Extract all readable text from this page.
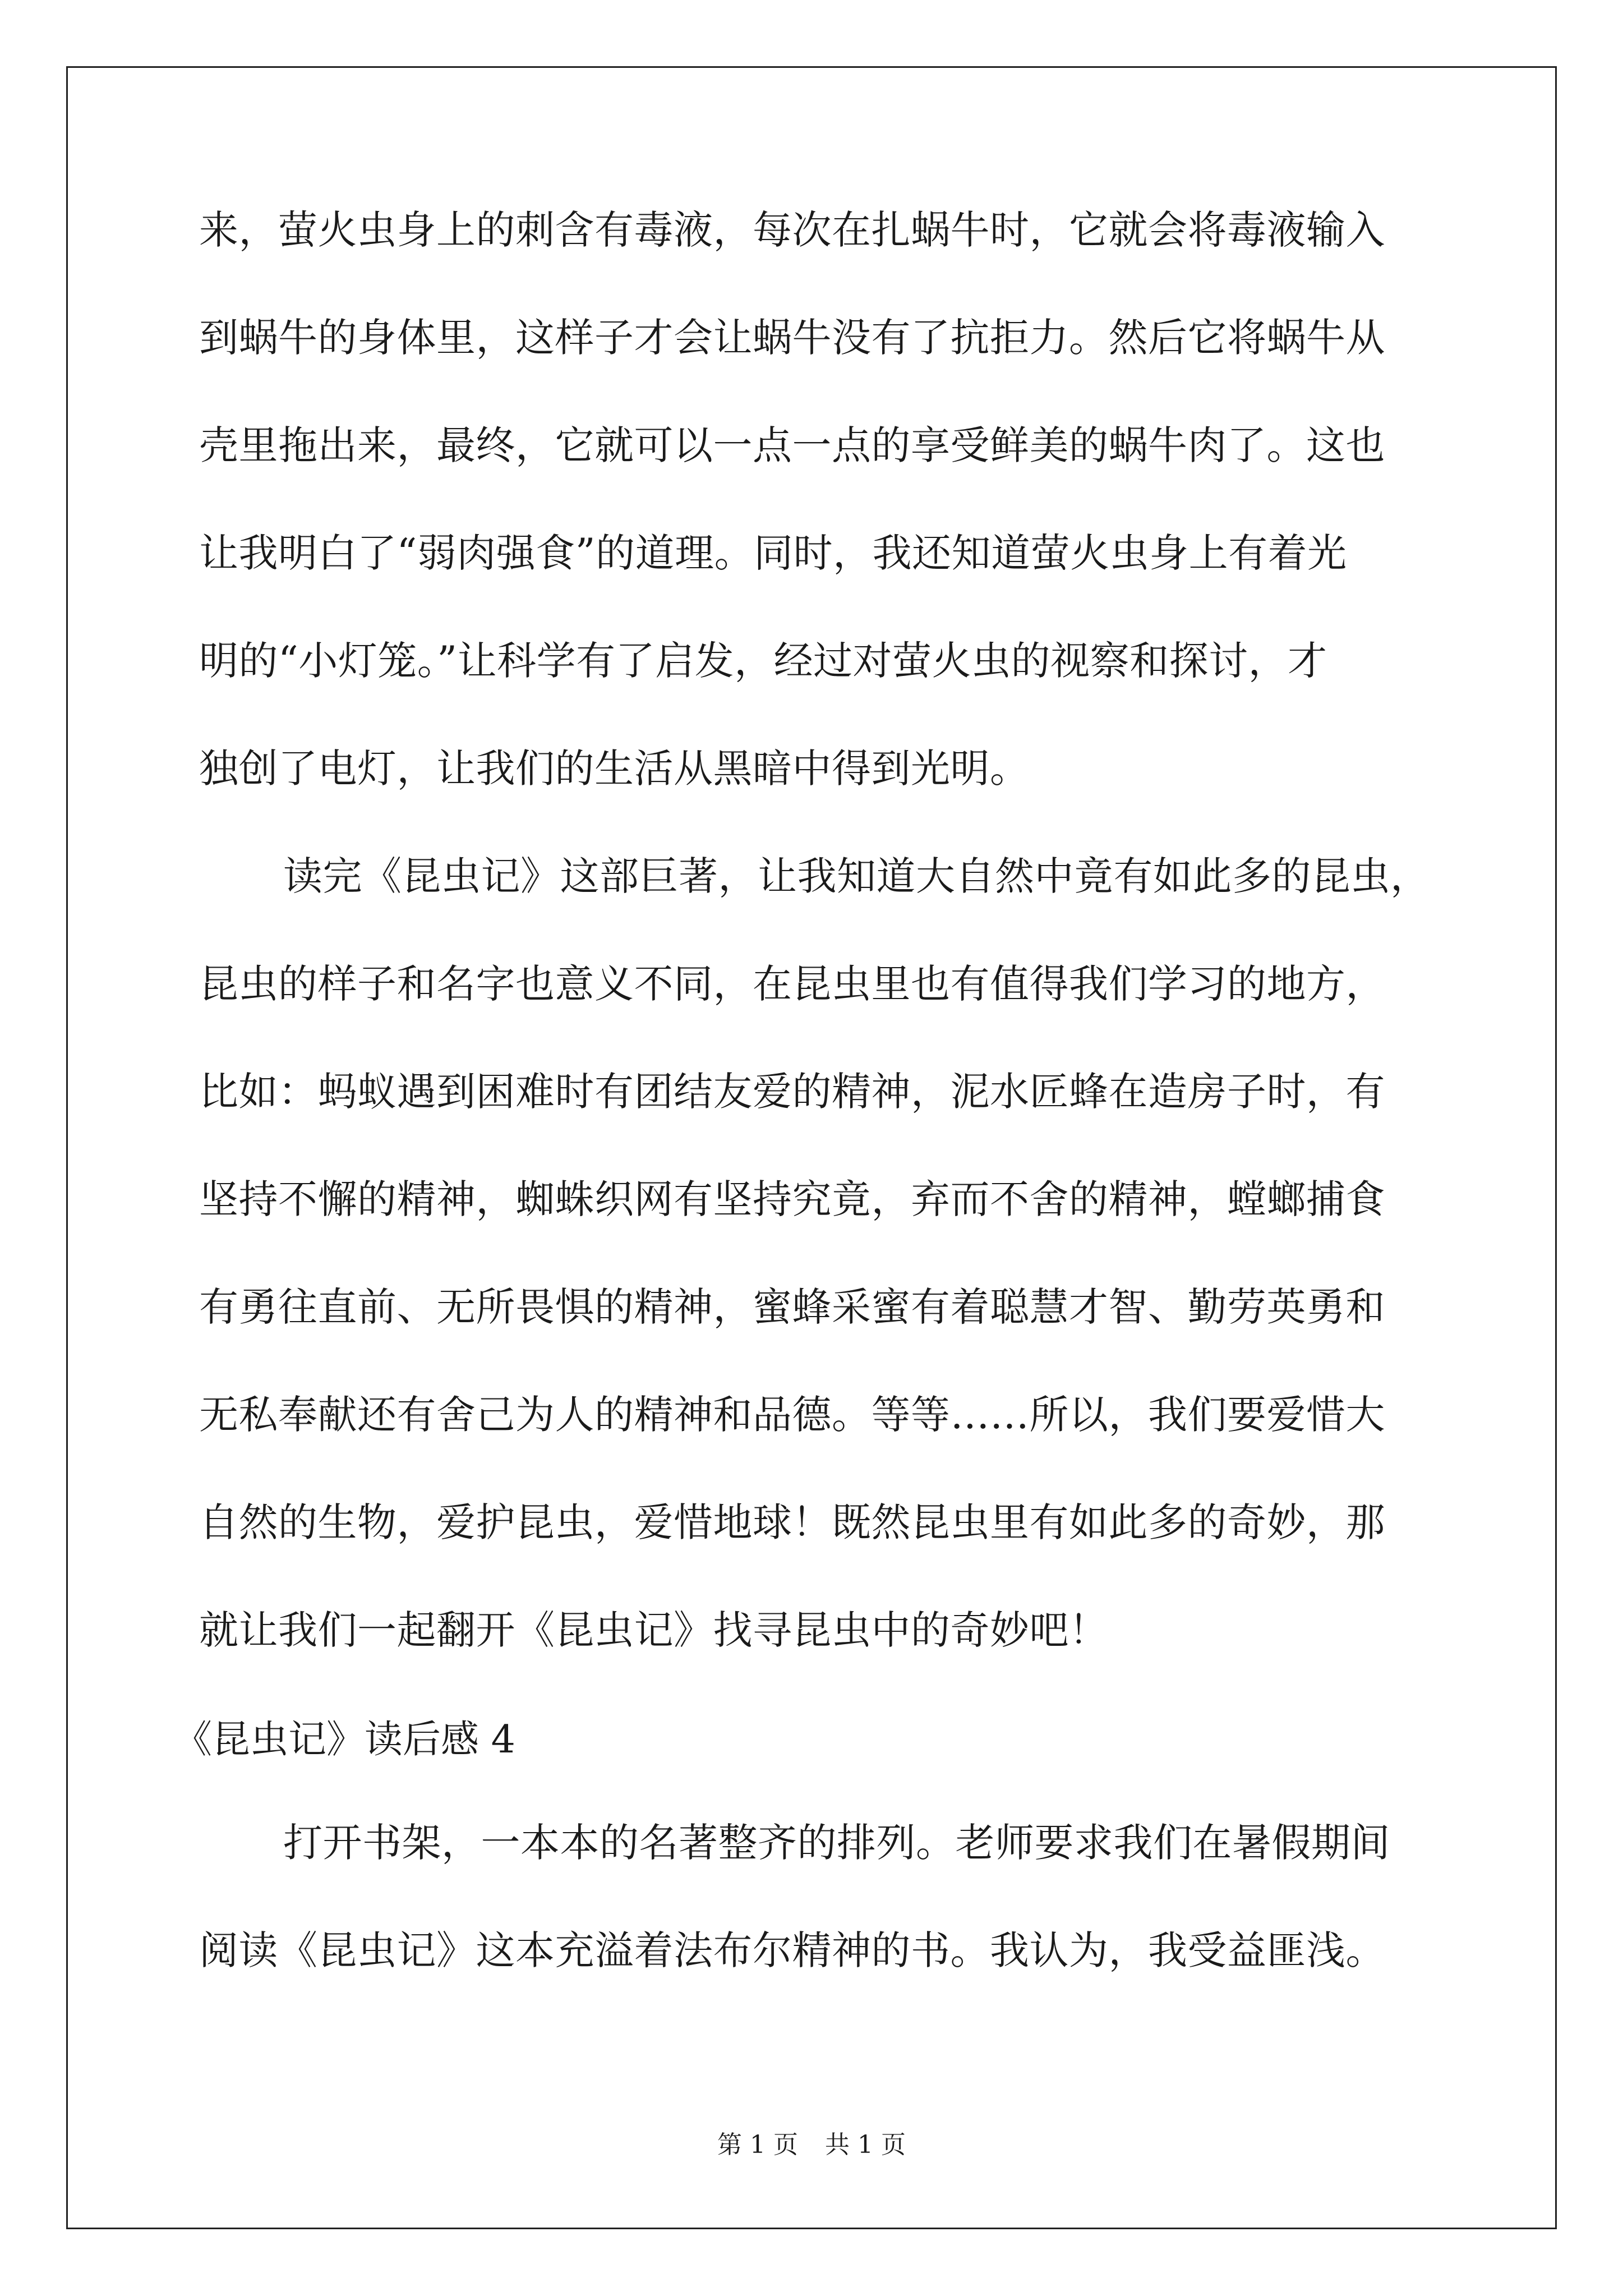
来，萤火虫身上的刺含有毒液，每次在扎蜗牛时，它就会将毒液输入
到蜗牛的身体里，这样子才会让蜗牛没有了抗拒力。然后它将蜗牛从
壳里拖出来，最终，它就可以一点一点的享受鲜美的蜗牛肉了。这也
让我明白了“弱肉强食”的道理。同时，我还知道萤火虫身上有着光
明的“小灯笼。”让科学有了启发，经过对萤火虫的视察和探讨，才
独创了电灯，让我们的生活从黑暗中得到光明。
读完《昆虫记》这部巨著，让我知道大自然中竟有如此多的昆虫，
昆虫的样子和名字也意义不同，在昆虫里也有值得我们学习的地方，
比如：蚂蚁遇到困难时有团结友爱的精神，泥水匠蜂在造房子时，有
坚持不懈的精神，蜘蛛织网有坚持究竟，弃而不舍的精神，螳螂捕食
有勇往直前、无所畏惧的精神，蜜蜂采蜜有着聪慧才智、勤劳英勇和
无私奉献还有舍己为人的精神和品德。等等……所以，我们要爱惜大
自然的生物，爱护昆虫，爱惜地球！既然昆虫里有如此多的奇妙，那
就让我们一起翻开《昆虫记》找寻昆虫中的奇妙吧！
《昆虫记》读后感 4
打开书架，一本本的名著整齐的排列。老师要求我们在暑假期间
阅读《昆虫记》这本充溢着法布尔精神的书。我认为，我受益匪浅。
第 1 页 共 1 页
